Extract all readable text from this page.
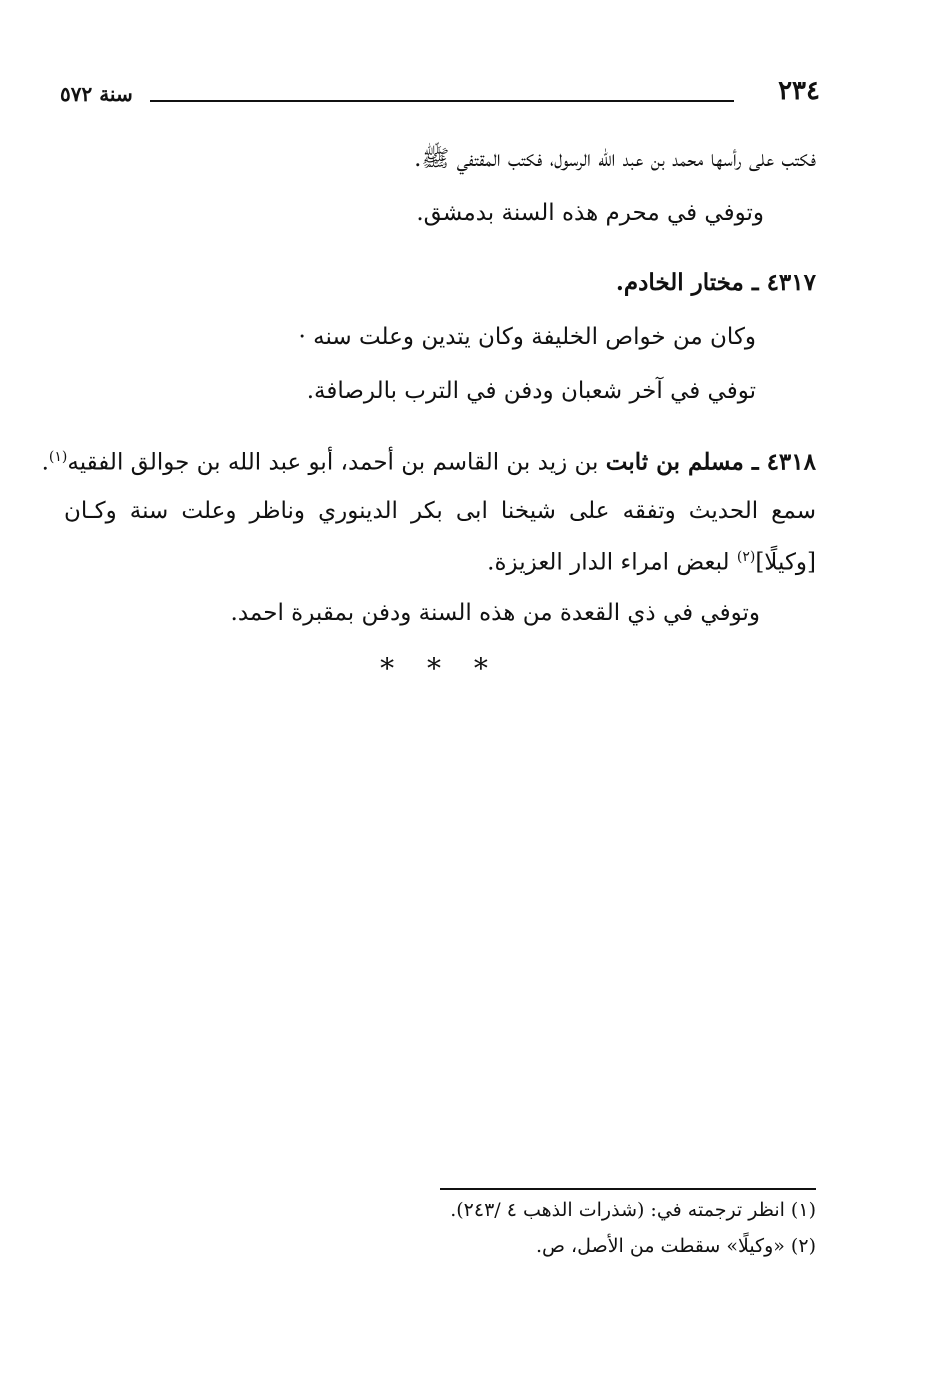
٢٣٤
سنة ٥٧٢
فكتب على رأسها محمد بن عبد الله الرسول، فكتب المقتفي ﷺ.
وتوفي في محرم هذه السنة بدمشق.
٤٣١٧ ـ مختار الخادم.
وكان من خواص الخليفة وكان يتدين وعلت سنه ·
توفي في آخر شعبان ودفن في الترب بالرصافة.
٤٣١٨ ـ مسلم بن ثابت بن زيد بن القاسم بن أحمد، أبو عبد الله بن جوالق الفقيه$^{(١)}$.
سمع الحديث وتفقه على شيخنا ابى بكر الدينوري وناظر وعلت سنة وكـان
[وكيلًا]$^{(٢)}$ لبعض امراء الدار العزيزة.
وتوفي في ذي القعدة من هذه السنة ودفن بمقبرة احمد.
* * *
(١) انظر ترجمته في: (شذرات الذهب ٤ /٢٤٣).
(٢) «وكيلًا» سقطت من الأصل، ص.
